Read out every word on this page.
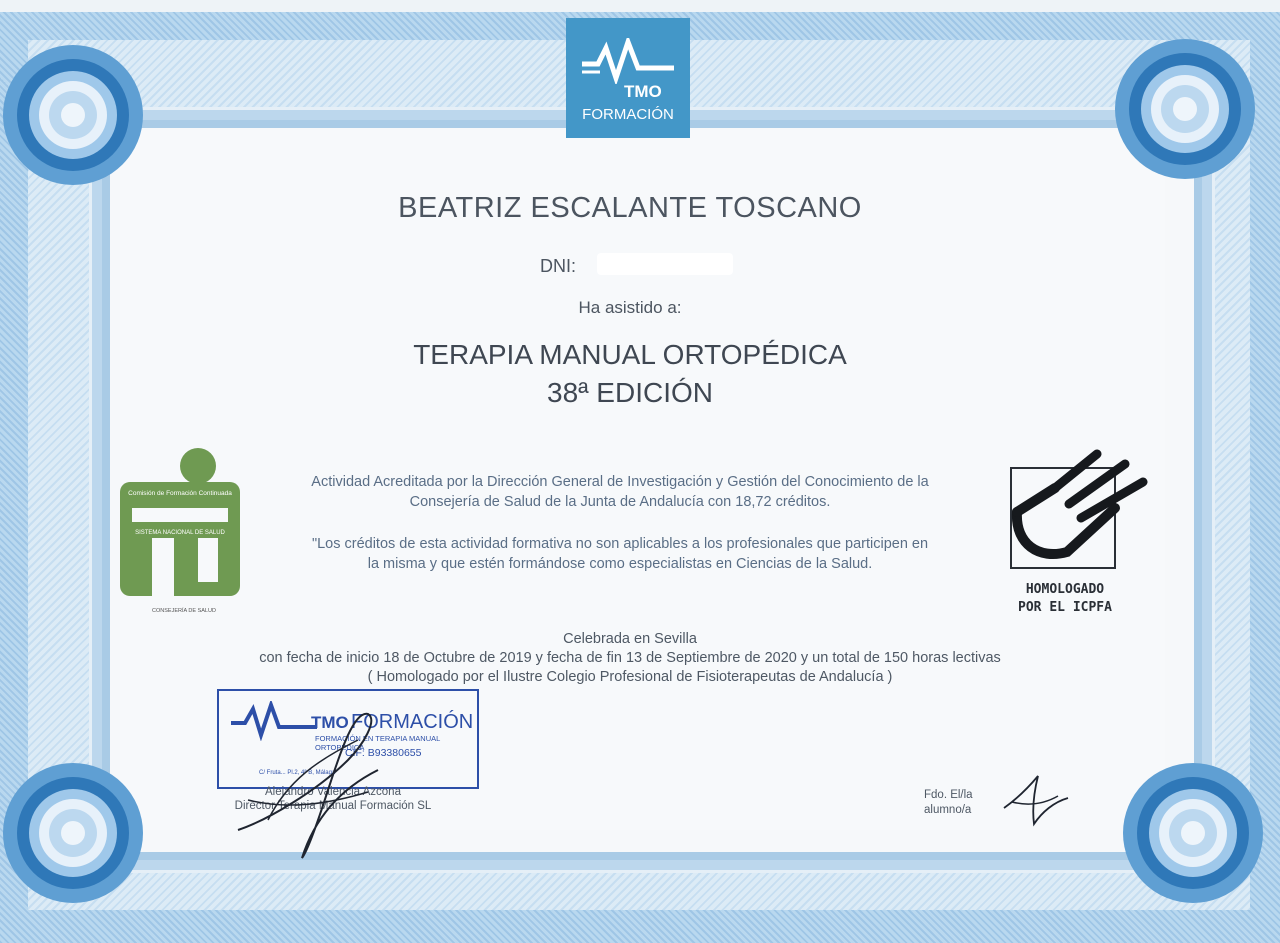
TMO
FORMACIÓN
BEATRIZ ESCALANTE TOSCANO
DNI:
Ha asistido a:
TERAPIA MANUAL ORTOPÉDICA
38ª EDICIÓN
Comisión de Formación Continuada
SISTEMA NACIONAL DE SALUD
CONSEJERÍA DE SALUD
Actividad Acreditada por la Dirección General de Investigación y Gestión del Conocimiento de la
Consejería de Salud de la Junta de Andalucía con 18,72 créditos.
"Los créditos de esta actividad formativa no son aplicables a los profesionales que participen en
la misma y que estén formándose como especialistas en Ciencias de la Salud.
HOMOLOGADO
POR EL ICPFA
Celebrada en Sevilla
con fecha de inicio 18 de Octubre de 2019 y fecha de fin 13 de Septiembre de 2020 y un total de 150 horas lectivas
( Homologado por el Ilustre Colegio Profesional de Fisioterapeutas de Andalucía )
TMO FORMACIÓN
FORMACIÓN EN TERAPIA MANUAL ORTOPÉDICA
CIF: B93380655
C/ Fruta... Pl.2, 4ª B, Málaga
Alejandro Valencia Azcona
Director Terapia Manual Formación SL
Fdo. El/la
alumno/a
